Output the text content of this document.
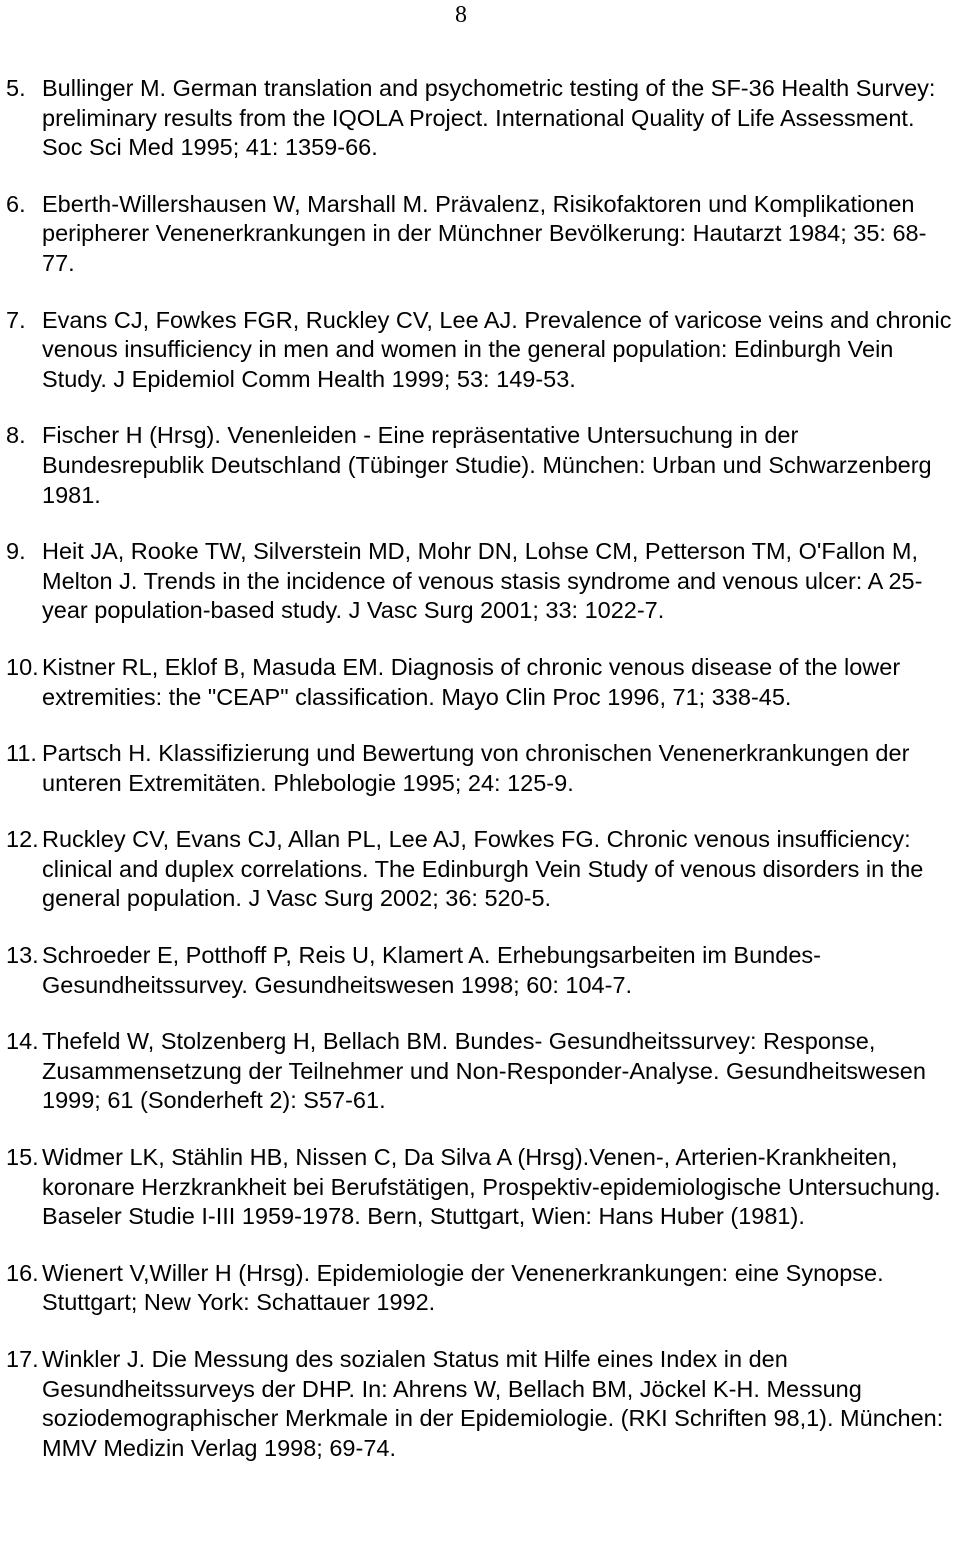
8
5. Bullinger M. German translation and psychometric testing of the SF-36 Health Survey: preliminary results from the IQOLA Project. International Quality of Life Assessment. Soc Sci Med 1995; 41: 1359-66.
6. Eberth-Willershausen W, Marshall M. Prävalenz, Risikofaktoren und Komplikationen peripherer Venenerkrankungen in der Münchner Bevölkerung: Hautarzt 1984; 35: 68-77.
7. Evans CJ, Fowkes FGR, Ruckley CV, Lee AJ. Prevalence of varicose veins and chronic venous insufficiency in men and women in the general population: Edinburgh Vein Study. J Epidemiol Comm Health 1999; 53: 149-53.
8. Fischer H (Hrsg). Venenleiden - Eine repräsentative Untersuchung in der Bundesrepublik Deutschland (Tübinger Studie). München: Urban und Schwarzenberg 1981.
9. Heit JA, Rooke TW, Silverstein MD, Mohr DN, Lohse CM, Petterson TM, O'Fallon M, Melton J. Trends in the incidence of venous stasis syndrome and venous ulcer: A 25-year population-based study. J Vasc Surg 2001; 33: 1022-7.
10. Kistner RL, Eklof B, Masuda EM. Diagnosis of chronic venous disease of the lower extremities: the "CEAP" classification. Mayo Clin Proc 1996, 71; 338-45.
11. Partsch H. Klassifizierung und Bewertung von chronischen Venenerkrankungen der unteren Extremitäten. Phlebologie 1995; 24: 125-9.
12. Ruckley CV, Evans CJ, Allan PL, Lee AJ, Fowkes FG. Chronic venous insufficiency: clinical and duplex correlations. The Edinburgh Vein Study of venous disorders in the general population. J Vasc Surg 2002; 36: 520-5.
13. Schroeder E, Potthoff P, Reis U, Klamert A. Erhebungsarbeiten im Bundes-Gesundheitssurvey. Gesundheitswesen 1998; 60: 104-7.
14. Thefeld W, Stolzenberg H, Bellach BM. Bundes- Gesundheitssurvey: Response, Zusammensetzung der Teilnehmer und Non-Responder-Analyse. Gesundheitswesen 1999; 61 (Sonderheft 2): S57-61.
15. Widmer LK, Stählin HB, Nissen C, Da Silva A (Hrsg).Venen-, Arterien-Krankheiten, koronare Herzkrankheit bei Berufstätigen, Prospektiv-epidemiologische Untersuchung. Baseler Studie I-III 1959-1978. Bern, Stuttgart, Wien: Hans Huber (1981).
16. Wienert V,Willer H (Hrsg). Epidemiologie der Venenerkrankungen: eine Synopse. Stuttgart; New York: Schattauer 1992.
17. Winkler J. Die Messung des sozialen Status mit Hilfe eines Index in den Gesundheitssurveys der DHP. In: Ahrens W, Bellach BM, Jöckel K-H. Messung soziodemographischer Merkmale in der Epidemiologie. (RKI Schriften 98,1). München: MMV Medizin Verlag 1998; 69-74.
